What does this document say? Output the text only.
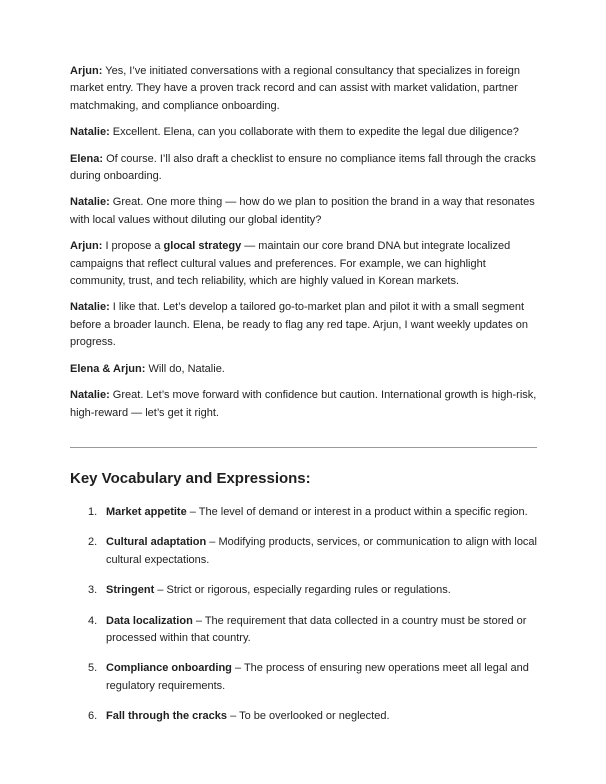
Arjun: Yes, I’ve initiated conversations with a regional consultancy that specializes in foreign market entry. They have a proven track record and can assist with market validation, partner matchmaking, and compliance onboarding.

Natalie: Excellent. Elena, can you collaborate with them to expedite the legal due diligence?

Elena: Of course. I’ll also draft a checklist to ensure no compliance items fall through the cracks during onboarding.

Natalie: Great. One more thing — how do we plan to position the brand in a way that resonates with local values without diluting our global identity?

Arjun: I propose a glocal strategy — maintain our core brand DNA but integrate localized campaigns that reflect cultural values and preferences. For example, we can highlight community, trust, and tech reliability, which are highly valued in Korean markets.

Natalie: I like that. Let’s develop a tailored go-to-market plan and pilot it with a small segment before a broader launch. Elena, be ready to flag any red tape. Arjun, I want weekly updates on progress.

Elena & Arjun: Will do, Natalie.

Natalie: Great. Let’s move forward with confidence but caution. International growth is high-risk, high-reward — let’s get it right.

Key Vocabulary and Expressions:
1. Market appetite – The level of demand or interest in a product within a specific region.
2. Cultural adaptation – Modifying products, services, or communication to align with local cultural expectations.
3. Stringent – Strict or rigorous, especially regarding rules or regulations.
4. Data localization – The requirement that data collected in a country must be stored or processed within that country.
5. Compliance onboarding – The process of ensuring new operations meet all legal and regulatory requirements.
6. Fall through the cracks – To be overlooked or neglected.
